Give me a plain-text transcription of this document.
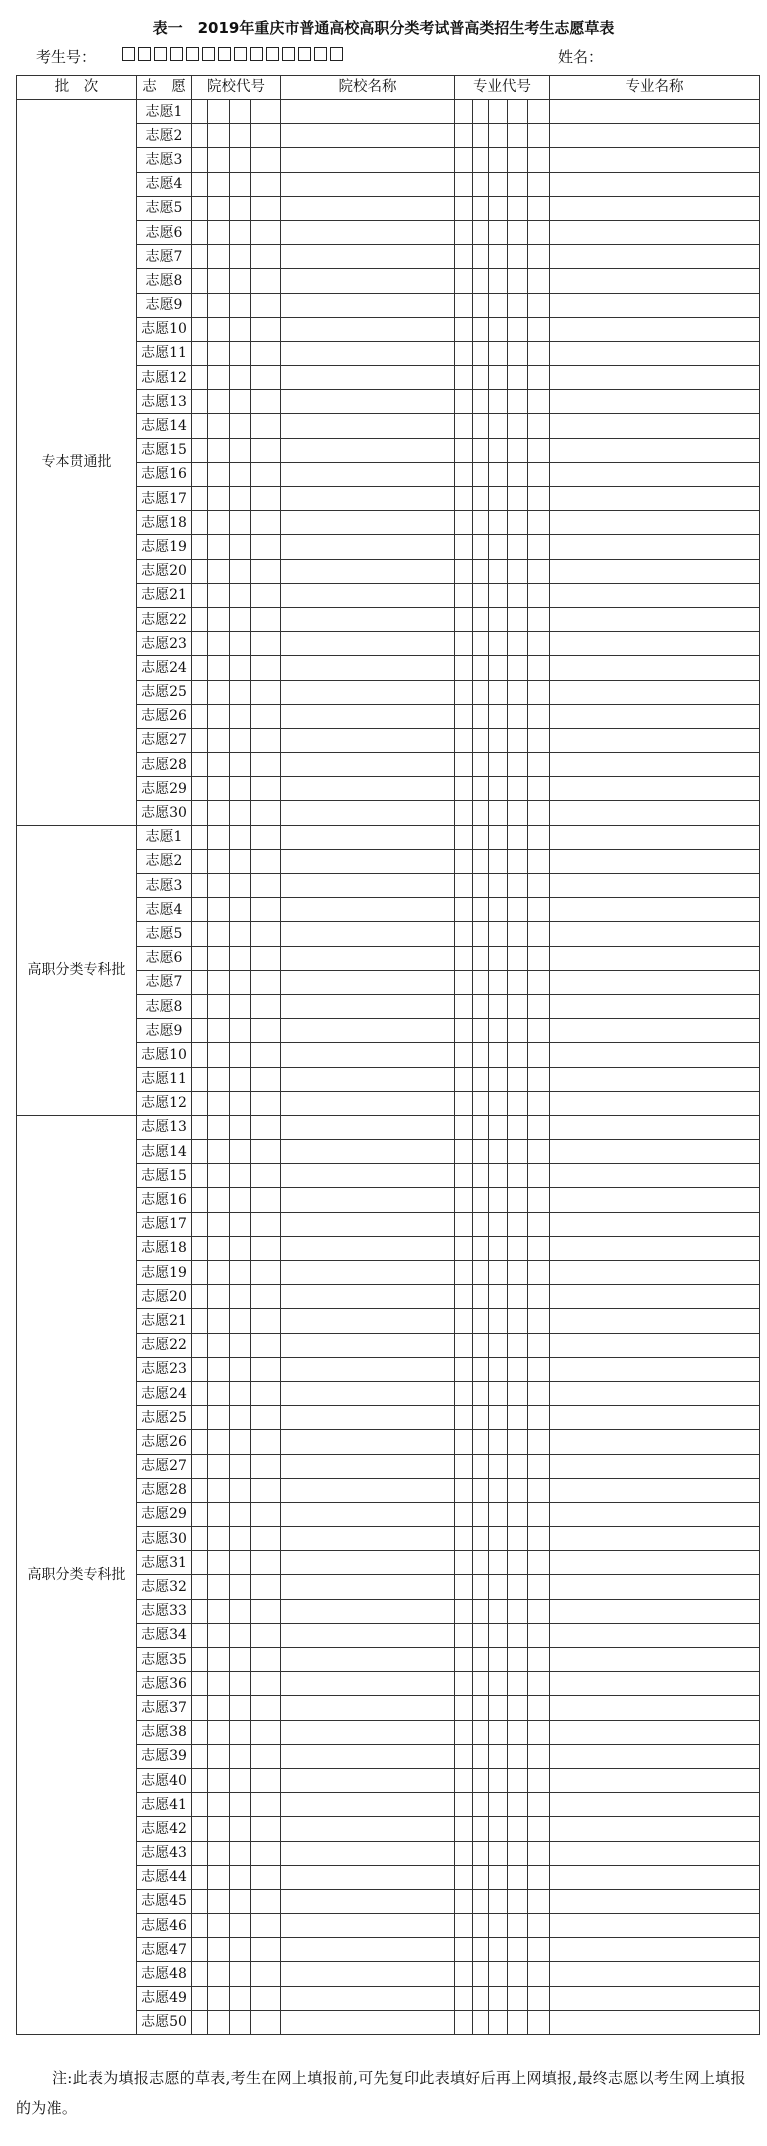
表一　2019年重庆市普通高校高职分类考试普高类招生考生志愿草表
考生号：	姓名：
批　次	志　愿	院校代号				院校名称	专业代号					专业名称
专本贯通批	志愿1											
	志愿2											
	志愿3											
	志愿4											
	志愿5											
	志愿6											
	志愿7											
	志愿8											
	志愿9											
	志愿10											
	志愿11											
	志愿12											
	志愿13											
	志愿14											
	志愿15											
	志愿16											
	志愿17											
	志愿18											
	志愿19											
	志愿20											
	志愿21											
	志愿22											
	志愿23											
	志愿24											
	志愿25											
	志愿26											
	志愿27											
	志愿28											
	志愿29											
	志愿30											
高职分类专科批	志愿1											
	志愿2											
	志愿3											
	志愿4											
	志愿5											
	志愿6											
	志愿7											
	志愿8											
	志愿9											
	志愿10											
	志愿11											
	志愿12											
高职分类专科批	志愿13											
	志愿14											
	志愿15											
	志愿16											
	志愿17											
	志愿18											
	志愿19											
	志愿20											
	志愿21											
	志愿22											
	志愿23											
	志愿24											
	志愿25											
	志愿26											
	志愿27											
	志愿28											
	志愿29											
	志愿30											
	志愿31											
	志愿32											
	志愿33											
	志愿34											
	志愿35											
	志愿36											
	志愿37											
	志愿38											
	志愿39											
	志愿40											
	志愿41											
	志愿42											
	志愿43											
	志愿44											
	志愿45											
	志愿46											
	志愿47											
	志愿48											
	志愿49											
	志愿50											
注:此表为填报志愿的草表,考生在网上填报前,可先复印此表填好后再上网填报,最终志愿以考生网上填报的为准。
